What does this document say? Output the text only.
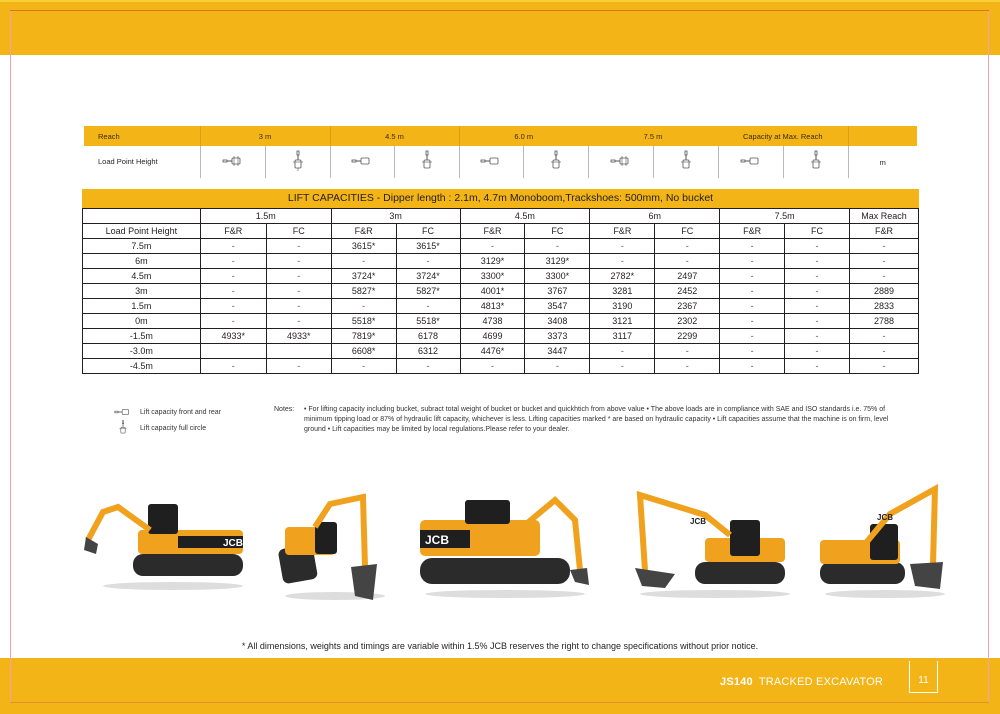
Reach	3 m		4.5 m		6.0 m		7.5 m		Capacity at Max. Reach		
Load Point Height											m
LIFT CAPACITIES - Dipper length : 2.1m, 4.7m Monoboom,Trackshoes: 500mm, No bucket
	1.5m		3m		4.5m		6m		7.5m		Max Reach
Load Point Height	F&R	FC	F&R	FC	F&R	FC	F&R	FC	F&R	FC	F&R
7.5m	-	-	3615*	3615*	-	-	-	-	-	-	-
6m	-	-	-	-	3129*	3129*	-	-	-	-	-
4.5m	-	-	3724*	3724*	3300*	3300*	2782*	2497	-	-	-
3m	-	-	5827*	5827*	4001*	3767	3281	2452	-	-	2889
1.5m	-	-	-	-	4813*	3547	3190	2367	-	-	2833
0m	-	-	5518*	5518*	4738	3408	3121	2302	-	-	2788
-1.5m	4933*	4933*	7819*	6178	4699	3373	3117	2299	-	-	-
-3.0m			6608*	6312	4476*	3447	-	-	-	-	-
-4.5m	-	-	-	-	-	-	-	-	-	-	-
Lift capacity front and rear
Lift capacity full circle
Notes:	• For lifting capacity including bucket, subract total weight of bucket or bucket and quickhtich from above value • The above loads are in compliance with SAE and ISO standards i.e. 75% of minimum tipping load or 87% of hydraulic lift capacity, whichever is less. Lifting capacities marked * are based on hydraulic capacity • Lift capacities assume that the machine is on firm, level ground • Lift capacities may be limited by local regulations.Please refer to your dealer.
JCB	JCB
JCB	JCB
* All dimensions, weights and timings are variable within 1.5% JCB reserves the right to change specifications without prior notice.
JS140 TRACKED EXCAVATOR	11
